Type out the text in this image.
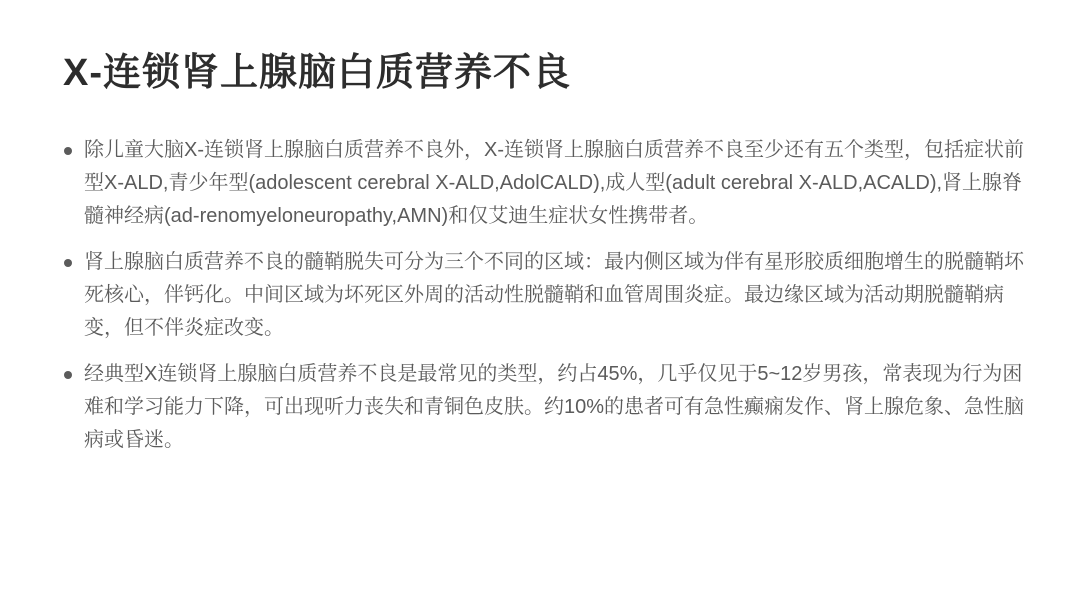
X-连锁肾上腺脑白质营养不良
除儿童大脑X-连锁肾上腺脑白质营养不良外，X-连锁肾上腺脑白质营养不良至少还有五个类型，包括症状前型X-ALD,青少年型(adolescent cerebral X-ALD,AdolCALD),成人型(adult cerebral X-ALD,ACALD),肾上腺脊髓神经病(ad-renomyeloneuropathy,AMN)和仅艾迪生症状女性携带者。
肾上腺脑白质营养不良的髓鞘脱失可分为三个不同的区域：最内侧区域为伴有星形胶质细胞增生的脱髓鞘坏死核心，伴钙化。中间区域为坏死区外周的活动性脱髓鞘和血管周围炎症。最边缘区域为活动期脱髓鞘病变，但不伴炎症改变。
经典型X连锁肾上腺脑白质营养不良是最常见的类型，约占45%，几乎仅见于5~12岁男孩，常表现为行为困难和学习能力下降，可出现听力丧失和青铜色皮肤。约10%的患者可有急性癫痫发作、肾上腺危象、急性脑病或昏迷。
